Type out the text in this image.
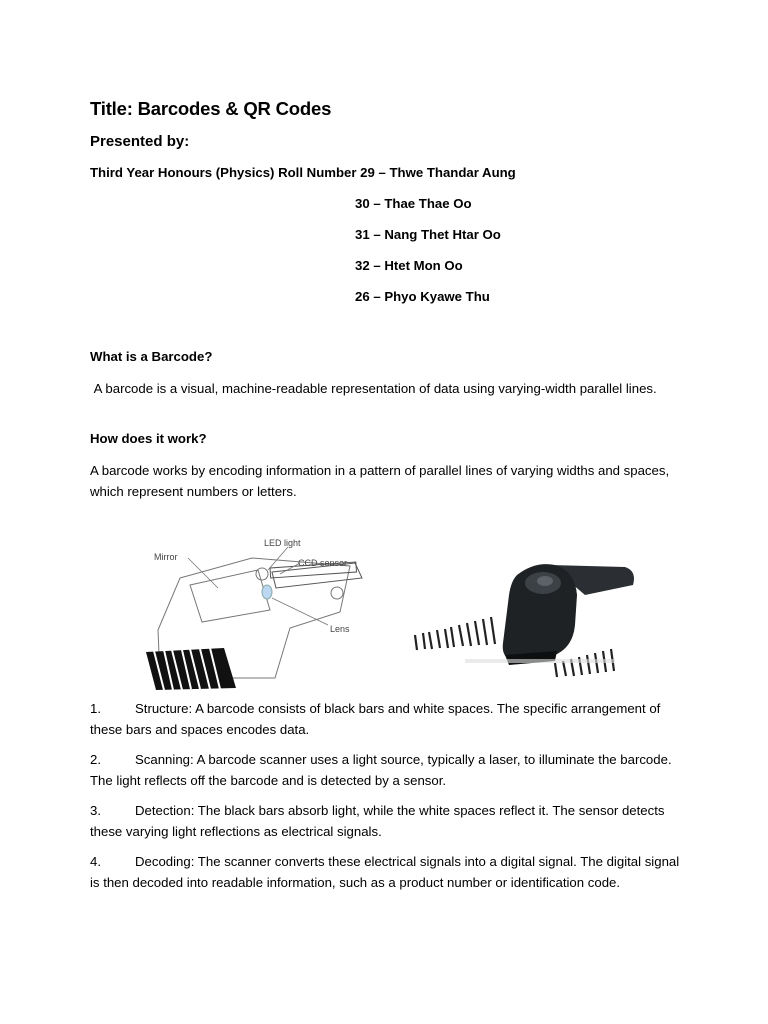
Title: Barcodes & QR Codes
Presented by:
Third Year Honours (Physics) Roll Number 29 – Thwe Thandar Aung
30 – Thae Thae Oo
31 – Nang Thet Htar Oo
32 – Htet Mon Oo
26 – Phyo Kyawe Thu
What is a Barcode?
A barcode is a visual, machine-readable representation of data using varying-width parallel lines.
How does it work?
A barcode works by encoding information in a pattern of parallel lines of varying widths and spaces, which represent numbers or letters.
LED light
Mirror
CCD sensor
Lens
1.	Structure: A barcode consists of black bars and white spaces. The specific arrangement of these bars and spaces encodes data.
2.	Scanning: A barcode scanner uses a light source, typically a laser, to illuminate the barcode. The light reflects off the barcode and is detected by a sensor.
3.	Detection: The black bars absorb light, while the white spaces reflect it. The sensor detects these varying light reflections as electrical signals.
4.	Decoding: The scanner converts these electrical signals into a digital signal. The digital signal is then decoded into readable information, such as a product number or identification code.
